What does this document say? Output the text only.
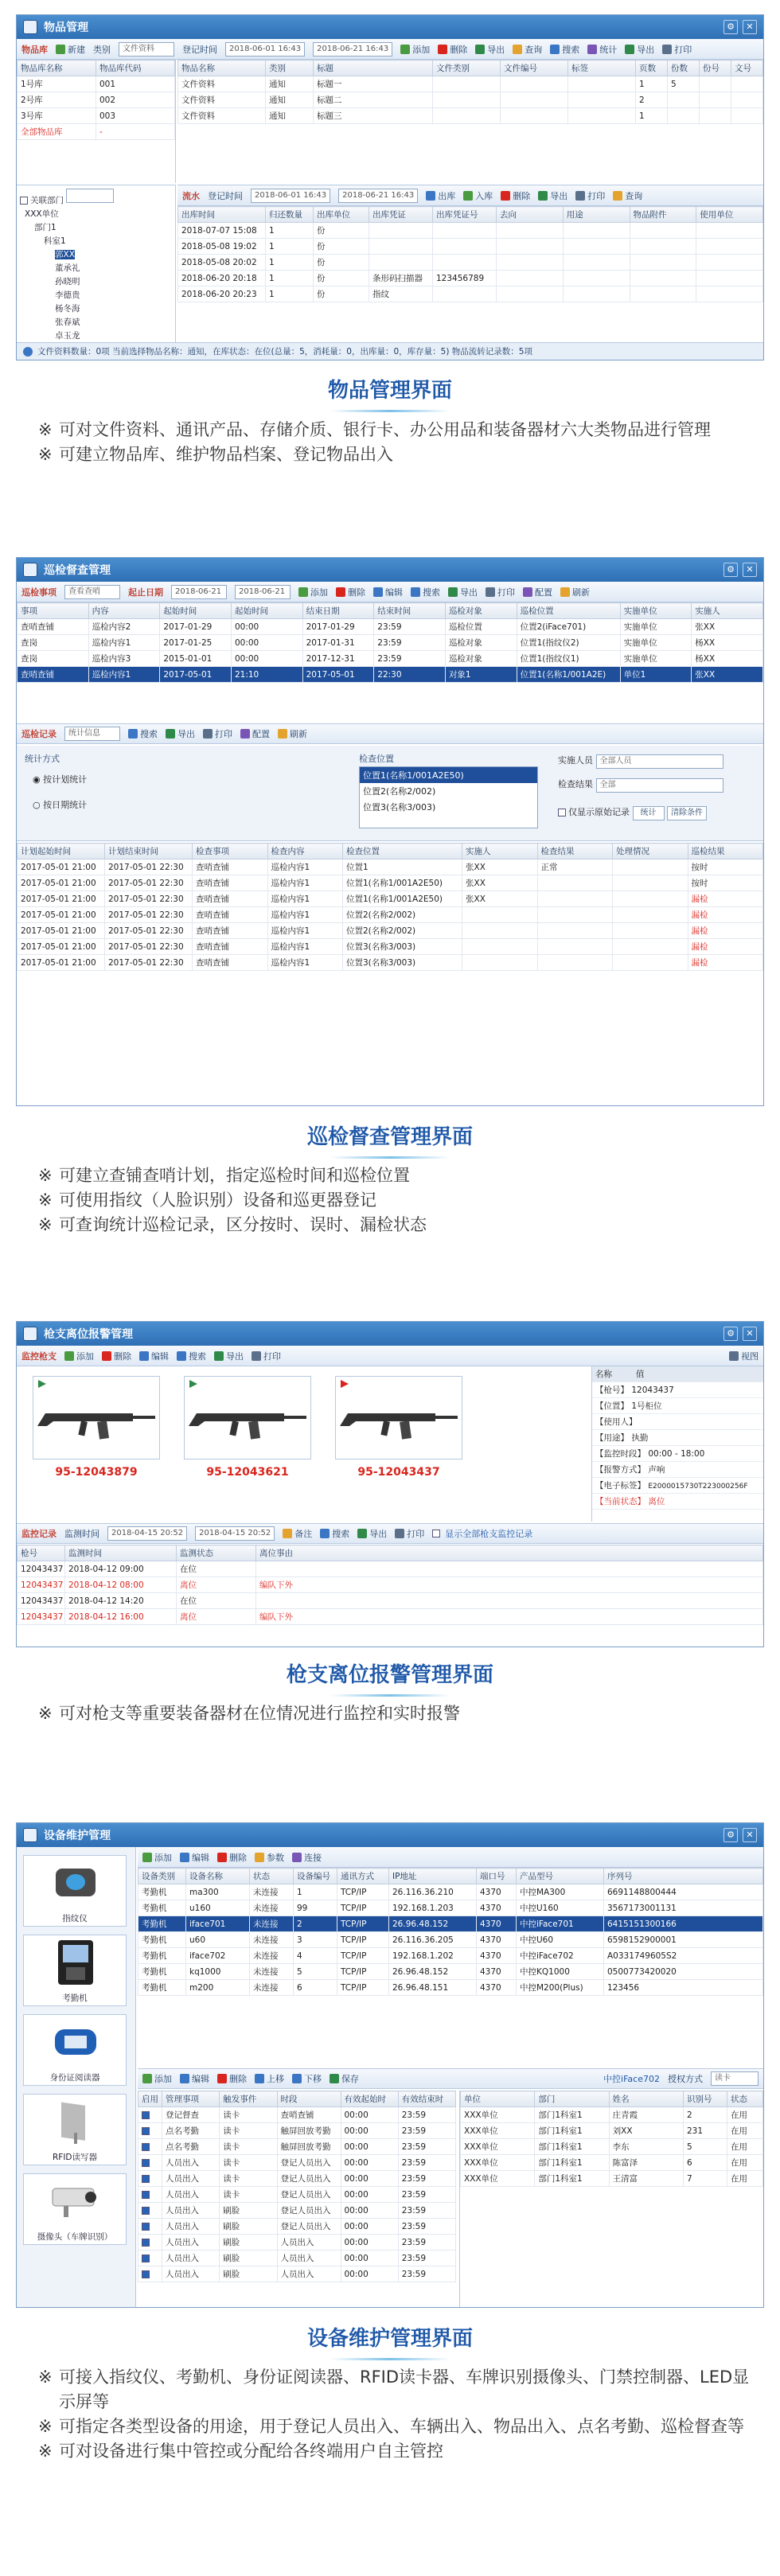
物品管理	⚙	✕
物品库 新建 类别	文件资料	登记时间	2018-06-01 16:43	2018-06-21 16:43	添加 删除 导出 查询 搜索 统计 导出 打印
物品库名称	物品库代码
1号库	001
2号库	002
3号库	003
全部物品库	-
物品名称	类别	标题	文件类别	文件编号	标签	页数	份数	份号	文号
文件资料	通知	标题一				1	5		
文件资料	通知	标题二				2			
文件资料	通知	标题三				1			
关联部门
XXX单位
部门1
科室1
郭XX
董承礼
孙晓明
李德贵
杨冬海
张春斌
卓玉龙
流水 登记时间	2018-06-01 16:43	2018-06-21 16:43	出库 入库 删除 导出 打印 查询
出库时间	归还数量	出库单位	出库凭证	出库凭证号	去向	用途	物品附件	使用单位
2018-07-07 15:08	1	份						
2018-05-08 19:02	1	份						
2018-05-08 20:02	1	份						
2018-06-20 20:18	1	份	条形码扫描器	123456789				
2018-06-20 20:23	1	份	指纹					
文件资料数量：0项 当前选择物品名称：通知，在库状态：在位(总量：5，消耗量：0，出库量：0，库存量：5) 物品流转记录数：5项
物品管理界面
※ 可对文件资料、通讯产品、存储介质、银行卡、办公用品和装备器材六大类物品进行管理
※ 可建立物品库、维护物品档案、登记物品出入
巡检督查管理	⚙	✕
巡检事项	查看查哨	起止日期	2018-06-21	2018-06-21	添加 删除 编辑 搜索 导出 打印 配置 刷新
事项	内容	起始时间	起始时间	结束日期	结束时间	巡检对象	巡检位置	实施单位	实施人
查哨查铺	巡检内容2	2017-01-29	00:00	2017-01-29	23:59	巡检位置	位置2(iFace701)	实施单位	张XX
查岗	巡检内容1	2017-01-25	00:00	2017-01-31	23:59	巡检对象	位置1(指纹仪2)	实施单位	杨XX
查岗	巡检内容3	2015-01-01	00:00	2017-12-31	23:59	巡检对象	位置1(指纹仪1)	实施单位	杨XX
查哨查铺	巡检内容1	2017-05-01	21:10	2017-05-01	22:30	对象1	位置1(名称1/001A2E)	单位1	张XX
巡检记录	统计信息	搜索 导出 打印 配置 刷新
统计方式
◉ 按计划统计
○ 按日期统计
检查位置
位置1(名称1/001A2E50)
位置2(名称2/002)
位置3(名称3/003)
实施人员 全部人员
检查结果 全部
仅显示原始记录 统计 清除条件
计划起始时间	计划结束时间	检查事项	检查内容	检查位置	实施人	检查结果	处理情况	巡检结果
2017-05-01 21:00	2017-05-01 22:30	查哨查铺	巡检内容1	位置1	张XX	正常		按时
2017-05-01 21:00	2017-05-01 22:30	查哨查铺	巡检内容1	位置1(名称1/001A2E50)	张XX			按时
2017-05-01 21:00	2017-05-01 22:30	查哨查铺	巡检内容1	位置1(名称1/001A2E50)	张XX			漏检
2017-05-01 21:00	2017-05-01 22:30	查哨查铺	巡检内容1	位置2(名称2/002)				漏检
2017-05-01 21:00	2017-05-01 22:30	查哨查铺	巡检内容1	位置2(名称2/002)				漏检
2017-05-01 21:00	2017-05-01 22:30	查哨查铺	巡检内容1	位置3(名称3/003)				漏检
2017-05-01 21:00	2017-05-01 22:30	查哨查铺	巡检内容1	位置3(名称3/003)				漏检
巡检督查管理界面
※ 可建立查铺查哨计划，指定巡检时间和巡检位置
※ 可使用指纹（人脸识别）设备和巡更器登记
※ 可查询统计巡检记录，区分按时、误时、漏检状态
枪支离位报警管理	⚙	✕
监控枪支 添加 删除 编辑 搜索 导出 打印	视图
95-12043879	95-12043621	95-12043437
名称	值
【枪号】 12043437
【位置】 1号柜位
【使用人】
【用途】 执勤
【监控时段】 00:00 - 18:00
【报警方式】 声响
【电子标签】 E2000015730T223000256F
【当前状态】 离位
监控记录 监测时间	2018-04-15 20:52	2018-04-15 20:52	备注 搜索 导出 打印 显示全部枪支监控记录
枪号	监测时间	监测状态	离位事由
12043437	2018-04-12 09:00	在位	
12043437	2018-04-12 08:00	离位	编队下外
12043437	2018-04-12 14:20	在位	
12043437	2018-04-12 16:00	离位	编队下外
枪支离位报警管理界面
※ 可对枪支等重要装备器材在位情况进行监控和实时报警
设备维护管理	⚙	✕
指纹仪
考勤机
身份证阅读器
RFID读写器
摄像头（车牌识别）
添加 编辑 删除 参数 连接
设备类别	设备名称	状态	设备编号	通讯方式	IP地址	端口号	产品型号	序列号
考勤机	ma300	未连接	1	TCP/IP	26.116.36.210	4370	中控MA300	6691148800444
考勤机	u160	未连接	99	TCP/IP	192.168.1.203	4370	中控U160	3567173001131
考勤机	iface701	未连接	2	TCP/IP	26.96.48.152	4370	中控iFace701	6415151300166
考勤机	u60	未连接	3	TCP/IP	26.116.36.205	4370	中控U60	6598152900001
考勤机	iface702	未连接	4	TCP/IP	192.168.1.202	4370	中控iFace702	A0331749605S2
考勤机	kq1000	未连接	5	TCP/IP	26.96.48.152	4370	中控KQ1000	0500773420020
考勤机	m200	未连接	6	TCP/IP	26.96.48.151	4370	中控M200(Plus)	123456
添加 编辑 删除 上移 下移 保存	中控iFace702 授权方式	读卡
启用	管理事项	触发事件	时段	有效起始时	有效结束时
	登记督查	读卡	查哨查铺	00:00	23:59
	点名考勤	读卡	触屏回放考勤	00:00	23:59
	点名考勤	读卡	触屏回放考勤	00:00	23:59
	人员出入	读卡	登记人员出入	00:00	23:59
	人员出入	读卡	登记人员出入	00:00	23:59
	人员出入	读卡	登记人员出入	00:00	23:59
	人员出入	刷脸	登记人员出入	00:00	23:59
	人员出入	刷脸	登记人员出入	00:00	23:59
	人员出入	刷脸	人员出入	00:00	23:59
	人员出入	刷脸	人员出入	00:00	23:59
	人员出入	刷脸	人员出入	00:00	23:59
单位	部门	姓名	识别号	状态
XXX单位	部门1科室1	庄青霞	2	在用
XXX单位	部门1科室1	刘XX	231	在用
XXX单位	部门1科室1	李东	5	在用
XXX单位	部门1科室1	陈富泽	6	在用
XXX单位	部门1科室1	王清富	7	在用
设备维护管理界面
※ 可接入指纹仪、考勤机、身份证阅读器、RFID读卡器、车牌识别摄像头、门禁控制器、LED显示屏等
※ 可指定各类型设备的用途，用于登记人员出入、车辆出入、物品出入、点名考勤、巡检督查等
※ 可对设备进行集中管控或分配给各终端用户自主管控
